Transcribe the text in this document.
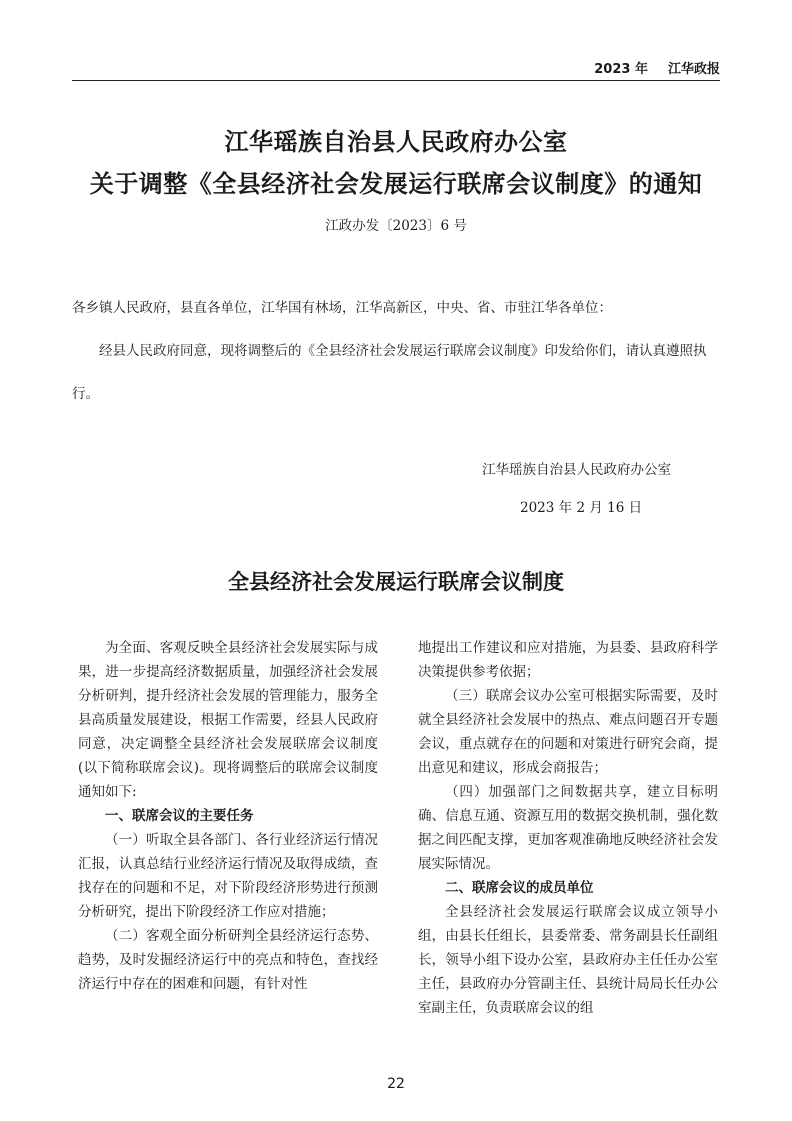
2023 年 江华政报
江华瑶族自治县人民政府办公室
关于调整《全县经济社会发展运行联席会议制度》的通知
江政办发〔2023〕6 号
各乡镇人民政府，县直各单位，江华国有林场，江华高新区，中央、省、市驻江华各单位：
经县人民政府同意，现将调整后的《全县经济社会发展运行联席会议制度》印发给你们，请认真遵照执行。
江华瑶族自治县人民政府办公室
2023 年 2 月 16 日
全县经济社会发展运行联席会议制度

为全面、客观反映全县经济社会发展实际与成果，进一步提高经济数据质量，加强经济社会发展分析研判，提升经济社会发展的管理能力，服务全县高质量发展建设，根据工作需要，经县人民政府同意，决定调整全县经济社会发展联席会议制度(以下简称联席会议)。现将调整后的联席会议制度通知如下:

一、联席会议的主要任务

（一）听取全县各部门、各行业经济运行情况汇报，认真总结行业经济运行情况及取得成绩，查找存在的问题和不足，对下阶段经济形势进行预测分析研究，提出下阶段经济工作应对措施；

（二）客观全面分析研判全县经济运行态势、趋势，及时发掘经济运行中的亮点和特色，查找经济运行中存在的困难和问题，有针对性

地提出工作建议和应对措施，为县委、县政府科学决策提供参考依据；

（三）联席会议办公室可根据实际需要，及时就全县经济社会发展中的热点、难点问题召开专题会议，重点就存在的问题和对策进行研究会商，提出意见和建议，形成会商报告；

（四）加强部门之间数据共享，建立目标明确、信息互通、资源互用的数据交换机制，强化数据之间匹配支撑，更加客观准确地反映经济社会发展实际情况。

二、联席会议的成员单位

全县经济社会发展运行联席会议成立领导小组，由县长任组长，县委常委、常务副县长任副组长，领导小组下设办公室，县政府办主任任办公室主任，县政府办分管副主任、县统计局局长任办公室副主任，负责联席会议的组

22
